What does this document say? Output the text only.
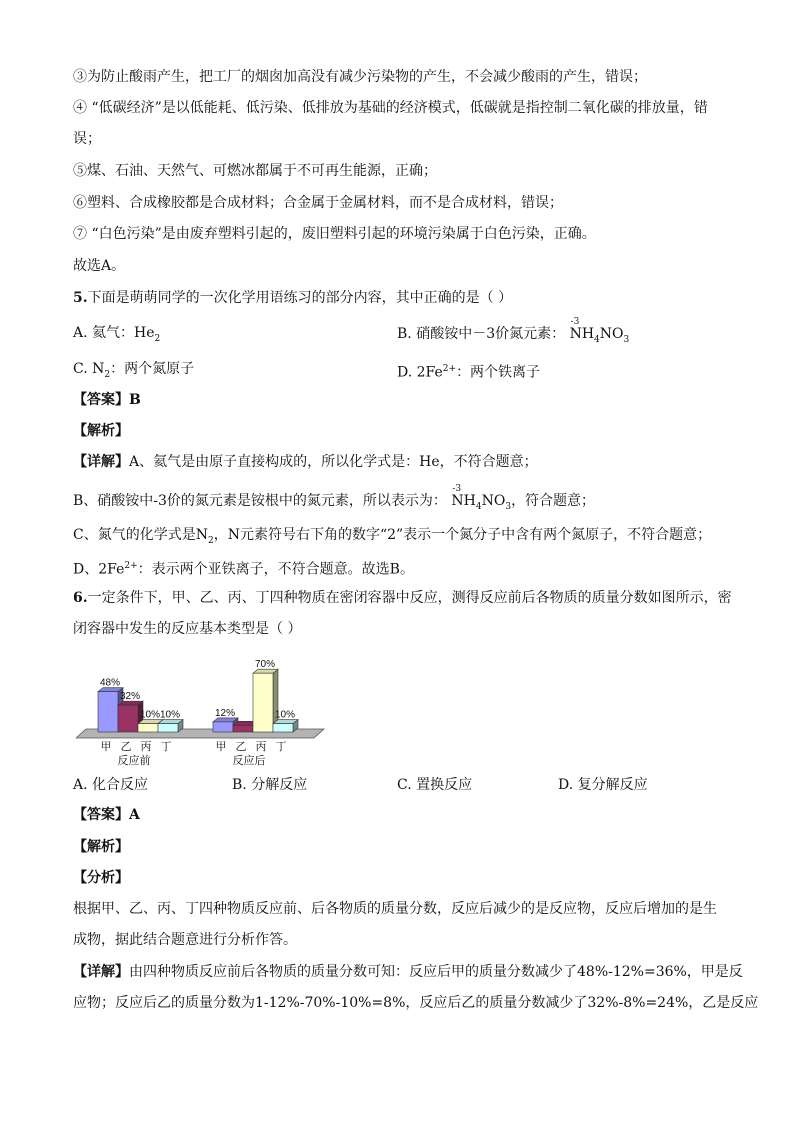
③为防止酸雨产生，把工厂的烟囱加高没有减少污染物的产生，不会减少酸雨的产生，错误；
④ “低碳经济”是以低能耗、低污染、低排放为基础的经济模式，低碳就是指控制二氧化碳的排放量，错
误；
⑤煤、石油、天然气、可燃冰都属于不可再生能源，正确；
⑥塑料、合成橡胶都是合成材料；合金属于金属材料，而不是合成材料，错误；
⑦ “白色污染”是由废弃塑料引起的，废旧塑料引起的环境污染属于白色污染，正确。
故选A。
5.下面是萌萌同学的一次化学用语练习的部分内容，其中正确的是（ ）
A. 氦气：$He_2$	B. 硝酸铵中－3价氮元素：
-3
$NH_4NO_3$
C. $N_2$：两个氮原子	D. $2Fe^{2+}$：两个铁离子
【答案】B
【解析】
【详解】A、氦气是由原子直接构成的，所以化学式是：He，不符合题意；
B、硝酸铵中-3价的氮元素是铵根中的氮元素，所以表示为：
-3
$NH_4NO_3$，符合题意；
C、氮气的化学式是$N_2$，N元素符号右下角的数字“2”表示一个氮分子中含有两个氮原子，不符合题意；
D、$2Fe^{2+}$：表示两个亚铁离子，不符合题意。故选B。
6.一定条件下，甲、乙、丙、丁四种物质在密闭容器中反应，测得反应前后各物质的质量分数如图所示，密
闭容器中发生的反应基本类型是（ ）
48%
甲
32%
乙
10%
丙
10%
丁
反应前
12%
甲 乙
70%
丙
10%
丁
反应后
A. 化合反应	B. 分解反应	C. 置换反应	D. 复分解反应
【答案】A
【解析】
【分析】
根据甲、乙、丙、丁四种物质反应前、后各物质的质量分数，反应后减少的是反应物，反应后增加的是生
成物，据此结合题意进行分析作答。
【详解】由四种物质反应前后各物质的质量分数可知：反应后甲的质量分数减少了48%-12%=36%，甲是反
应物；反应后乙的质量分数为1-12%-70%-10%=8%，反应后乙的质量分数减少了32%-8%=24%，乙是反应
